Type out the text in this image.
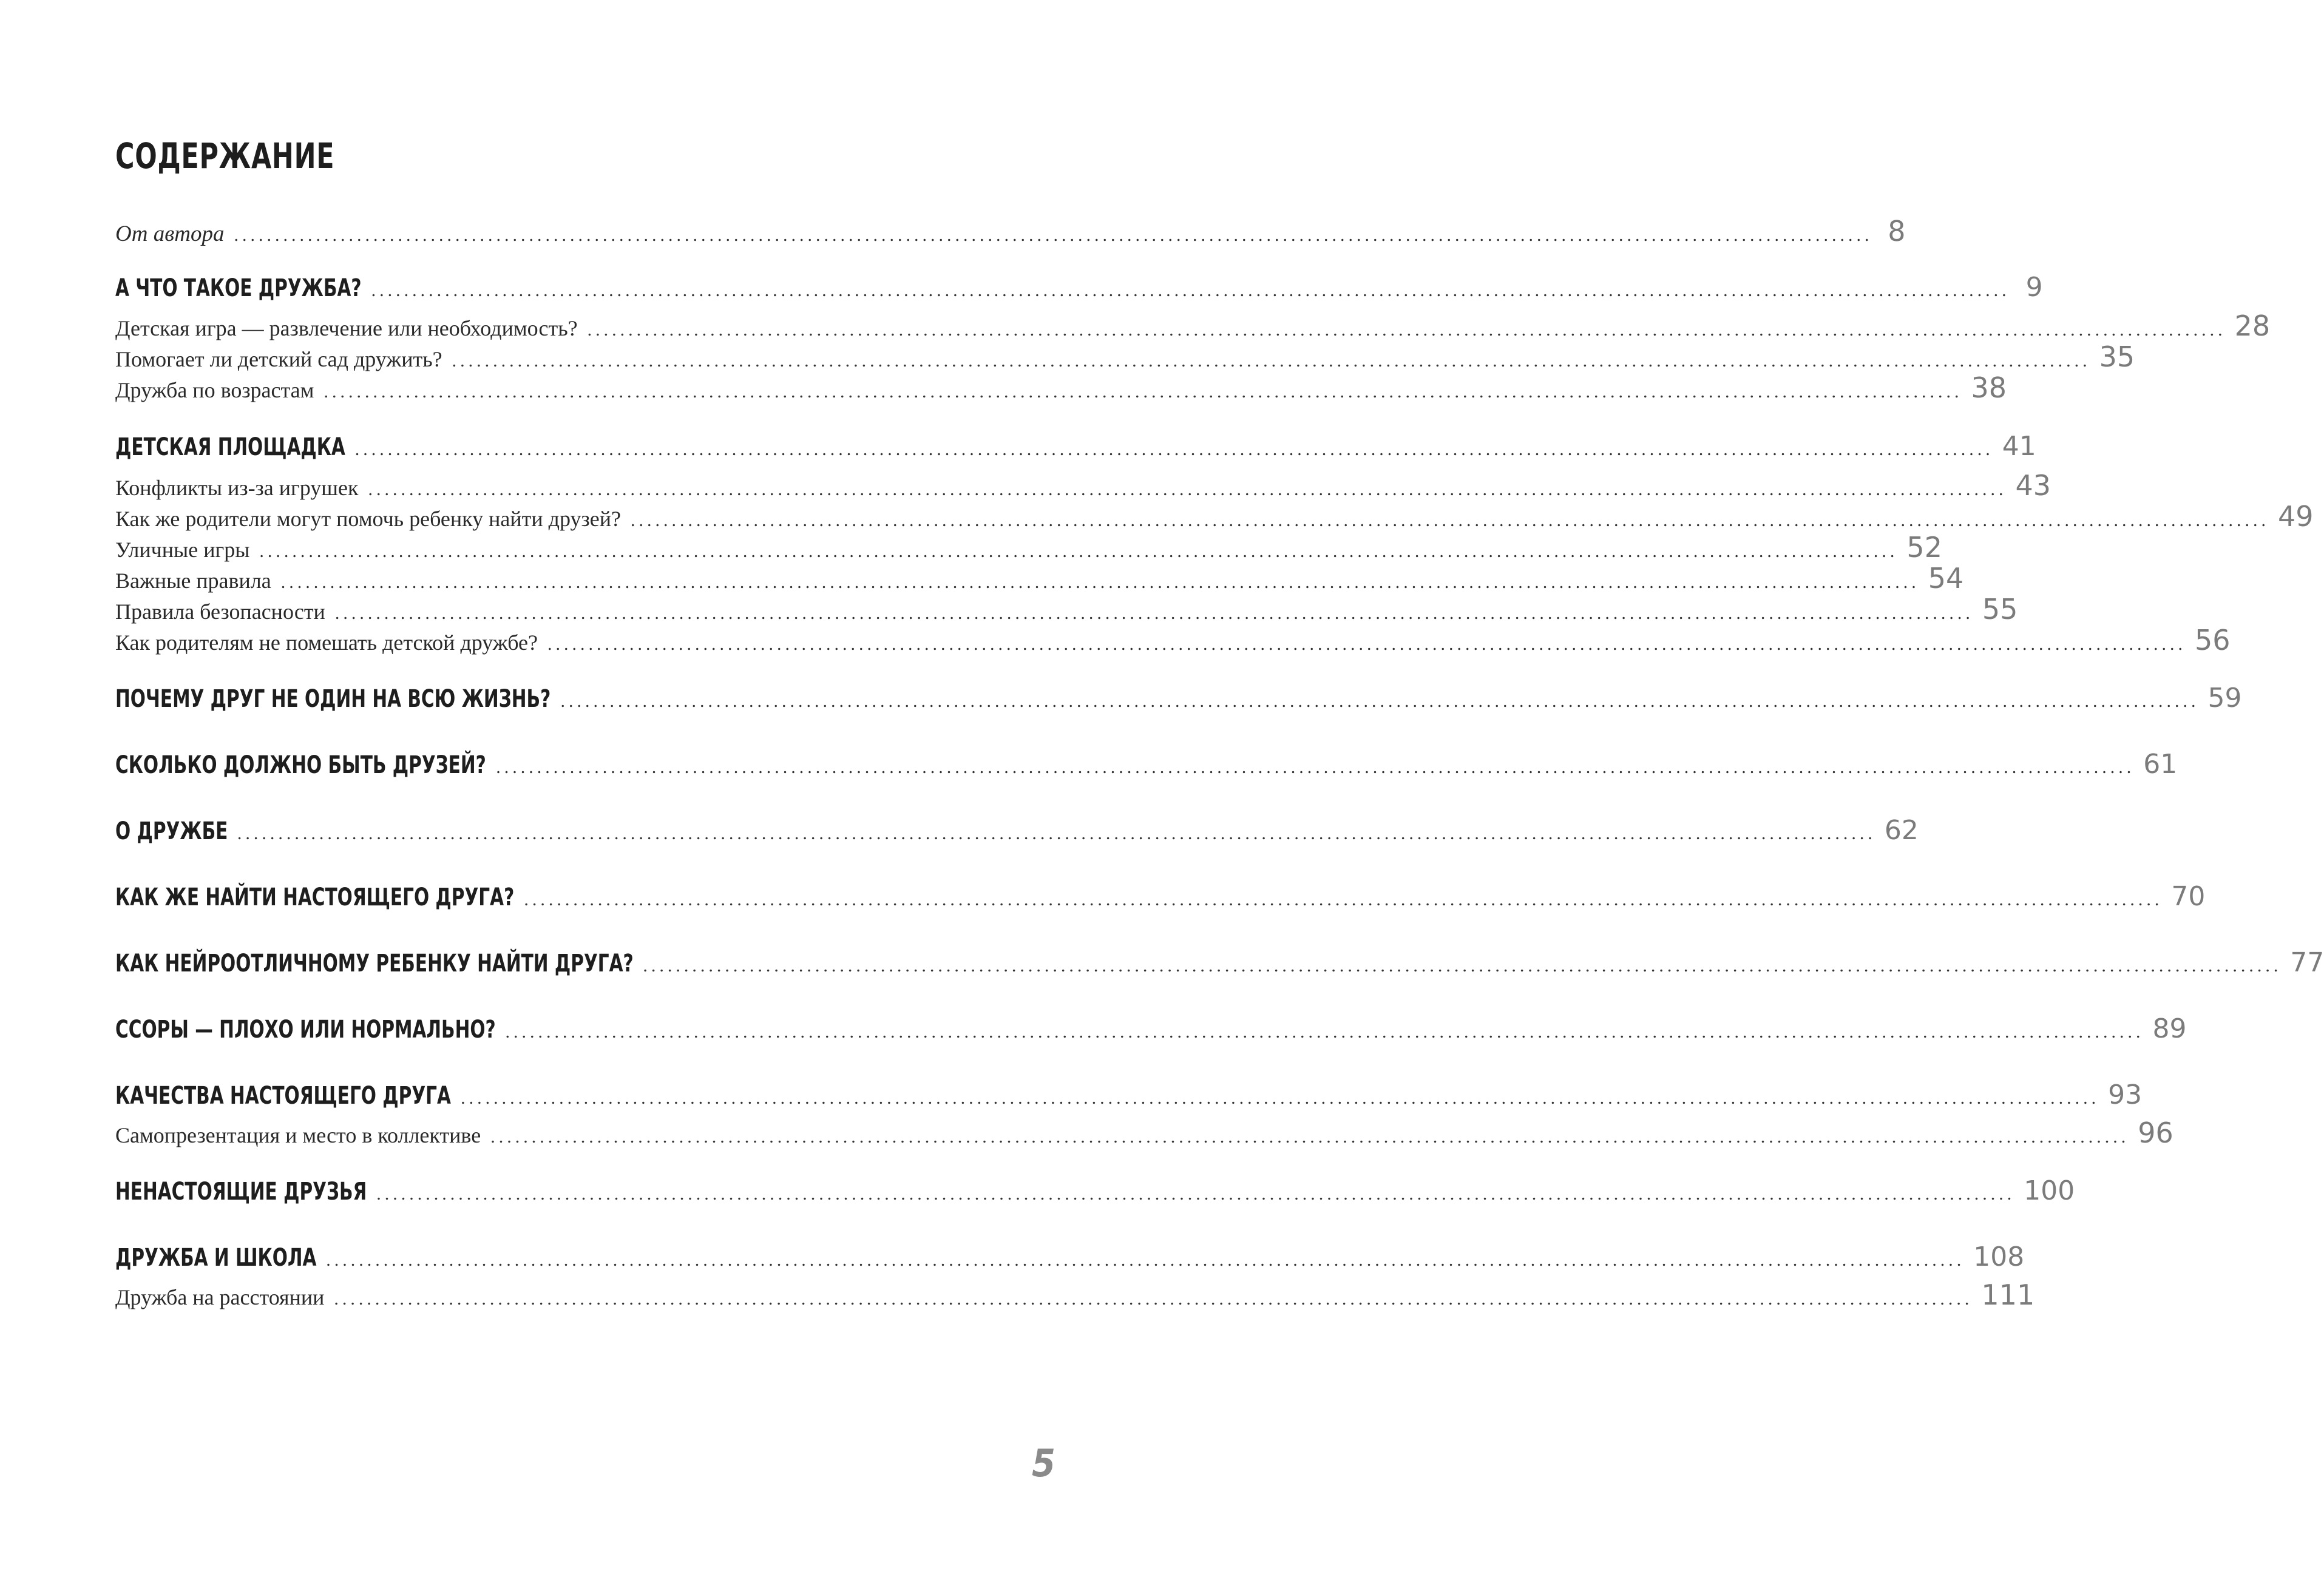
СОДЕРЖАНИЕ
От автора ........................................................................................................................................................................................................ 8
А ЧТО ТАКОЕ ДРУЖБА? ........................................................................................................................................................................................................ 9
Детская игра — развлечение или необходимость? ........................................................................................................................................................................................................ 28
Помогает ли детский сад дружить? ........................................................................................................................................................................................................ 35
Дружба по возрастам ........................................................................................................................................................................................................ 38
ДЕТСКАЯ ПЛОЩАДКА ........................................................................................................................................................................................................ 41
Конфликты из-за игрушек ........................................................................................................................................................................................................ 43
Как же родители могут помочь ребенку найти друзей? ........................................................................................................................................................................................................ 49
Уличные игры ........................................................................................................................................................................................................ 52
Важные правила ........................................................................................................................................................................................................ 54
Правила безопасности ........................................................................................................................................................................................................ 55
Как родителям не помешать детской дружбе? ........................................................................................................................................................................................................ 56
ПОЧЕМУ ДРУГ НЕ ОДИН НА ВСЮ ЖИЗНЬ? ........................................................................................................................................................................................................ 59
СКОЛЬКО ДОЛЖНО БЫТЬ ДРУЗЕЙ? ........................................................................................................................................................................................................ 61
О ДРУЖБЕ ........................................................................................................................................................................................................ 62
КАК ЖЕ НАЙТИ НАСТОЯЩЕГО ДРУГА? ........................................................................................................................................................................................................ 70
КАК НЕЙРООТЛИЧНОМУ РЕБЕНКУ НАЙТИ ДРУГА? ........................................................................................................................................................................................................ 77
ССОРЫ — ПЛОХО ИЛИ НОРМАЛЬНО? ........................................................................................................................................................................................................ 89
КАЧЕСТВА НАСТОЯЩЕГО ДРУГА ........................................................................................................................................................................................................ 93
Самопрезентация и место в коллективе ........................................................................................................................................................................................................ 96
НЕНАСТОЯЩИЕ ДРУЗЬЯ ........................................................................................................................................................................................................ 100
ДРУЖБА И ШКОЛА ........................................................................................................................................................................................................ 108
Дружба на расстоянии ........................................................................................................................................................................................................ 111
5
